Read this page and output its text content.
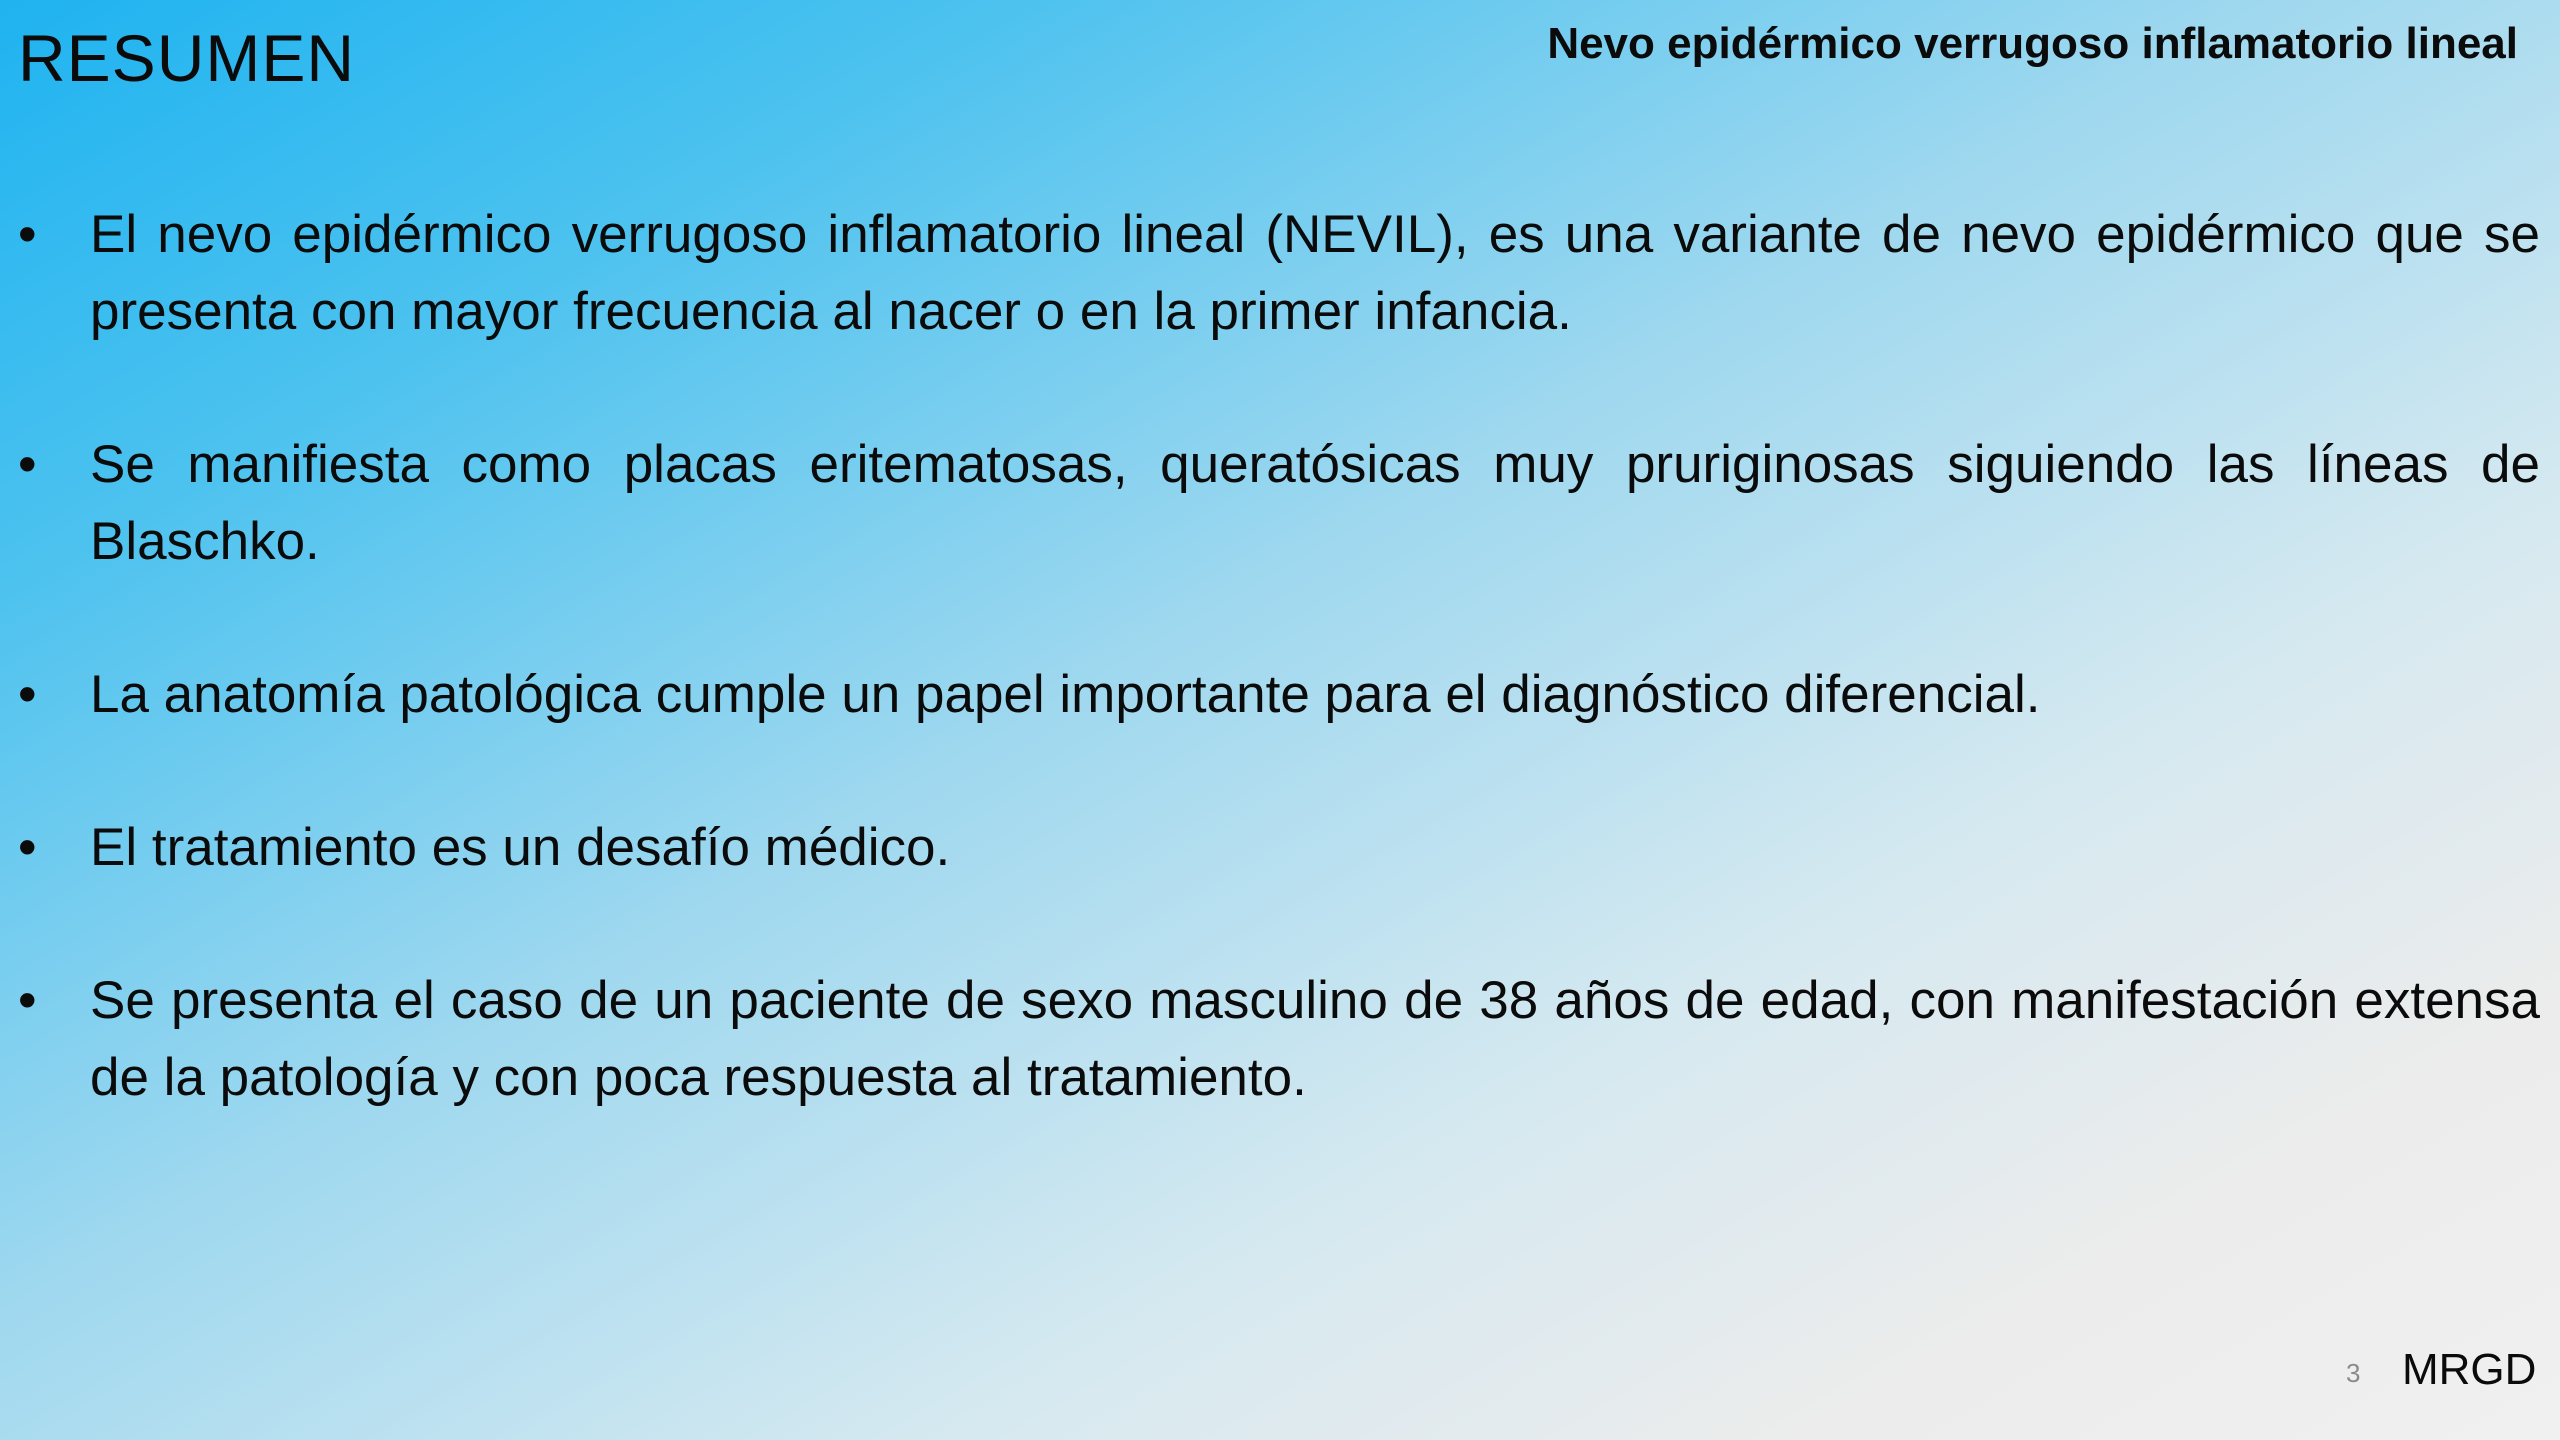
RESUMEN	Nevo epidérmico verrugoso inflamatorio lineal
• El nevo epidérmico verrugoso inflamatorio lineal (NEVIL), es una variante de nevo epidérmico que se presenta con mayor frecuencia al nacer o en la primer infancia.
• Se manifiesta como placas eritematosas, queratósicas muy pruriginosas siguiendo las líneas de Blaschko.
• La anatomía patológica cumple un papel importante para el diagnóstico diferencial.
• El tratamiento es un desafío médico.
• Se presenta el caso de un paciente de sexo masculino de 38 años de edad, con manifestación extensa de la patología y con poca respuesta al tratamiento.
3 MRGD
